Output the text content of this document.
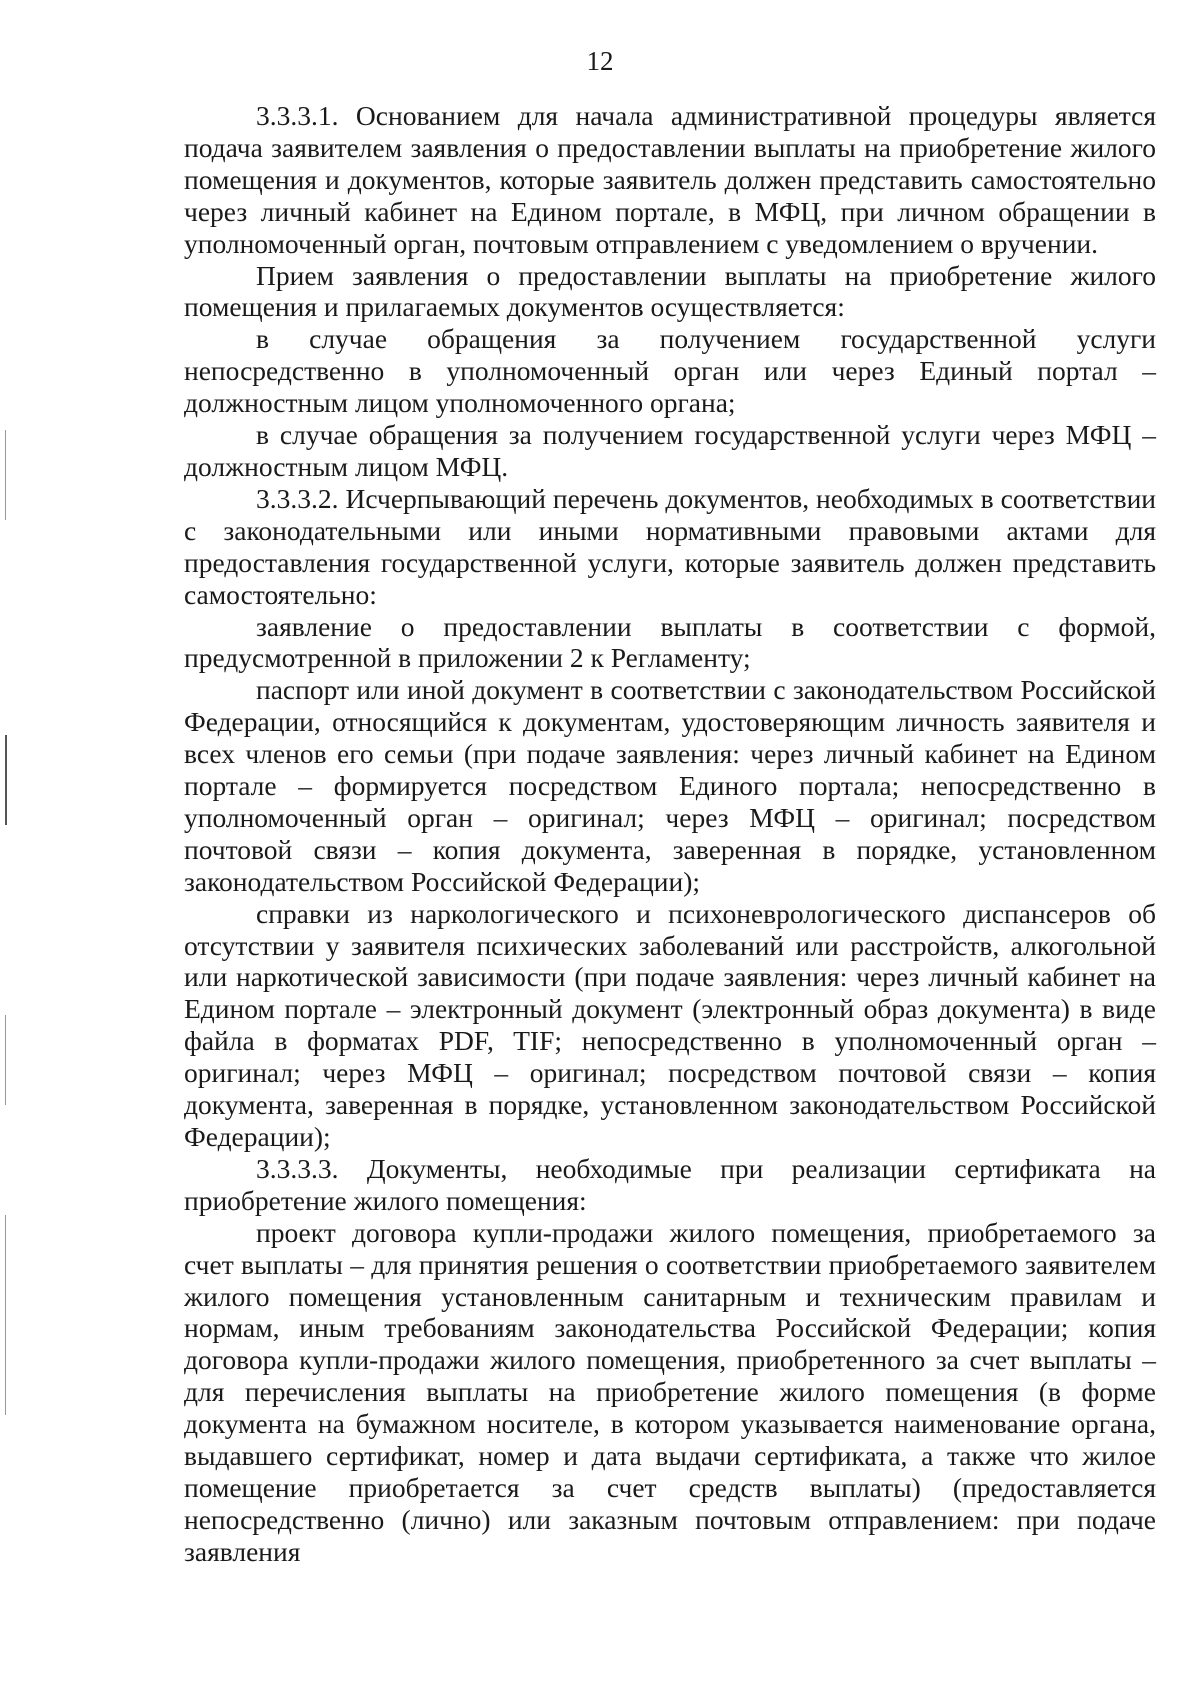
12

3.3.3.1. Основанием для начала административной процедуры является подача заявителем заявления о предоставлении выплаты на приобретение жилого помещения и документов, которые заявитель должен представить самостоятельно через личный кабинет на Едином портале, в МФЦ, при личном обращении в уполномоченный орган, почтовым отправлением с уведомлением о вручении.

Прием заявления о предоставлении выплаты на приобретение жилого помещения и прилагаемых документов осуществляется:

в случае обращения за получением государственной услуги непосредственно в уполномоченный орган или через Единый портал – должностным лицом уполномоченного органа;

в случае обращения за получением государственной услуги через МФЦ – должностным лицом МФЦ.

3.3.3.2. Исчерпывающий перечень документов, необходимых в соответствии с законодательными или иными нормативными правовыми актами для предоставления государственной услуги, которые заявитель должен представить самостоятельно:

заявление о предоставлении выплаты в соответствии с формой, предусмотренной в приложении 2 к Регламенту;

паспорт или иной документ в соответствии с законодательством Российской Федерации, относящийся к документам, удостоверяющим личность заявителя и всех членов его семьи (при подаче заявления: через личный кабинет на Едином портале – формируется посредством Единого портала; непосредственно в уполномоченный орган – оригинал; через МФЦ – оригинал; посредством почтовой связи – копия документа, заверенная в порядке, установленном законодательством Российской Федерации);

справки из наркологического и психоневрологического диспансеров об отсутствии у заявителя психических заболеваний или расстройств, алкогольной или наркотической зависимости (при подаче заявления: через личный кабинет на Едином портале – электронный документ (электронный образ документа) в виде файла в форматах PDF, TIF; непосредственно в уполномоченный орган – оригинал; через МФЦ – оригинал; посредством почтовой связи – копия документа, заверенная в порядке, установленном законодательством Российской Федерации);

3.3.3.3. Документы, необходимые при реализации сертификата на приобретение жилого помещения:

проект договора купли-продажи жилого помещения, приобретаемого за счет выплаты – для принятия решения о соответствии приобретаемого заявителем жилого помещения установленным санитарным и техническим правилам и нормам, иным требованиям законодательства Российской Федерации; копия договора купли-продажи жилого помещения, приобретенного за счет выплаты – для перечисления выплаты на приобретение жилого помещения (в форме документа на бумажном носителе, в котором указывается наименование органа, выдавшего сертификат, номер и дата выдачи сертификата, а также что жилое помещение приобретается за счет средств выплаты) (предоставляется непосредственно (лично) или заказным почтовым отправлением: при подаче заявления
